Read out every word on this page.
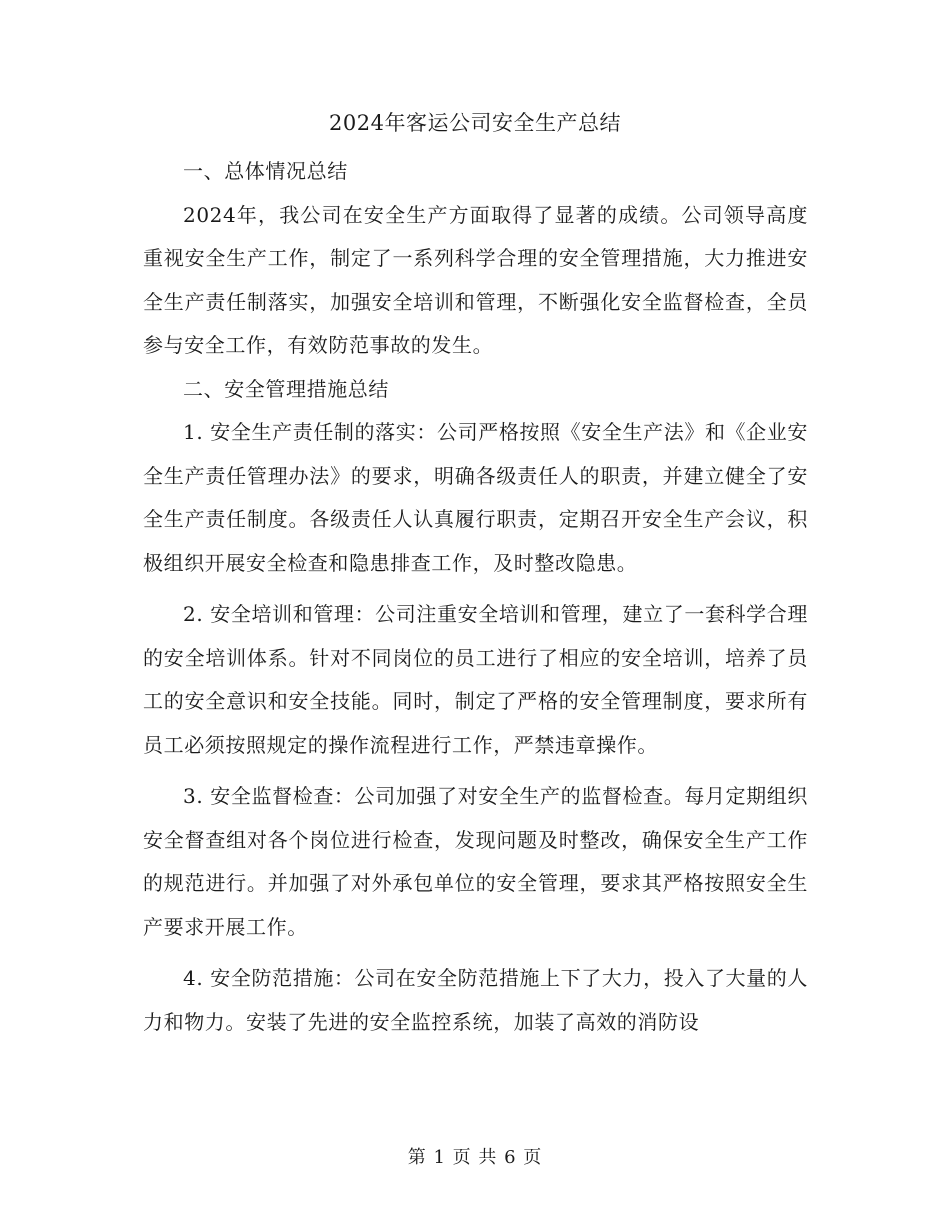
2024年客运公司安全生产总结

一、总体情况总结

2024年，我公司在安全生产方面取得了显著的成绩。公司领导高度重视安全生产工作，制定了一系列科学合理的安全管理措施，大力推进安全生产责任制落实，加强安全培训和管理，不断强化安全监督检查，全员参与安全工作，有效防范事故的发生。

二、安全管理措施总结

1. 安全生产责任制的落实：公司严格按照《安全生产法》和《企业安全生产责任管理办法》的要求，明确各级责任人的职责，并建立健全了安全生产责任制度。各级责任人认真履行职责，定期召开安全生产会议，积极组织开展安全检查和隐患排查工作，及时整改隐患。

2. 安全培训和管理：公司注重安全培训和管理，建立了一套科学合理的安全培训体系。针对不同岗位的员工进行了相应的安全培训，培养了员工的安全意识和安全技能。同时，制定了严格的安全管理制度，要求所有员工必须按照规定的操作流程进行工作，严禁违章操作。

3. 安全监督检查：公司加强了对安全生产的监督检查。每月定期组织安全督查组对各个岗位进行检查，发现问题及时整改，确保安全生产工作的规范进行。并加强了对外承包单位的安全管理，要求其严格按照安全生产要求开展工作。

4. 安全防范措施：公司在安全防范措施上下了大力，投入了大量的人力和物力。安装了先进的安全监控系统，加装了高效的消防设

第 1 页 共 6 页
